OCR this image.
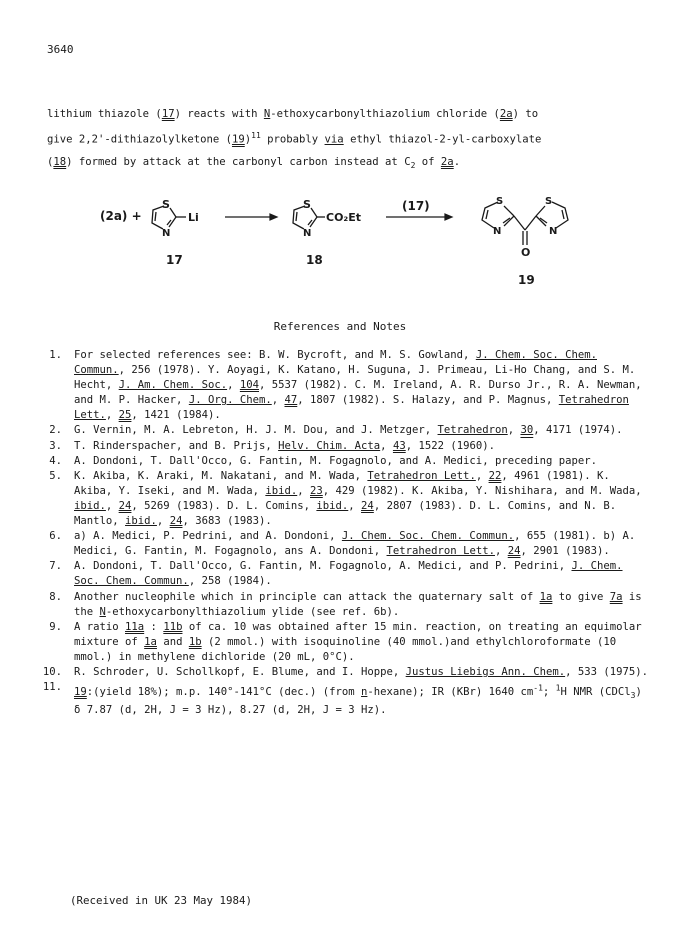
3640
lithium thiazole (17) reacts with N-ethoxycarbonylthiazolium chloride (2a) to
give 2,2'-dithiazolylketone $(19)^{11}$ probably via ethyl thiazol-2-yl-carboxylate
(18) formed by attack at the carbonyl carbon instead at $C_2$ of 2a.
(2a) +
S
N
Li
17
S
N
CO₂Et
18
(17)	S
N
S
N
O
19
References and Notes
1. For selected references see: B. W. Bycroft, and M. S. Gowland, J. Chem. Soc. Chem. Commun., 256 (1978). Y. Aoyagi, K. Katano, H. Suguna, J. Primeau, Li-Ho Chang, and S. M. Hecht, J. Am. Chem. Soc., 104, 5537 (1982). C. M. Ireland, A. R. Durso Jr., R. A. Newman, and M. P. Hacker, J. Org. Chem., 47, 1807 (1982). S. Halazy, and P. Magnus, Tetrahedron Lett., 25, 1421 (1984).
2. G. Vernin, M. A. Lebreton, H. J. M. Dou, and J. Metzger, Tetrahedron, 30, 4171 (1974).
3. T. Rinderspacher, and B. Prijs, Helv. Chim. Acta, 43, 1522 (1960).
4. A. Dondoni, T. Dall'Occo, G. Fantin, M. Fogagnolo, and A. Medici, preceding paper.
5. K. Akiba, K. Araki, M. Nakatani, and M. Wada, Tetrahedron Lett., 22, 4961 (1981). K. Akiba, Y. Iseki, and M. Wada, ibid., 23, 429 (1982). K. Akiba, Y. Nishihara, and M. Wada, ibid., 24, 5269 (1983). D. L. Comins, ibid., 24, 2807 (1983). D. L. Comins, and N. B. Mantlo, ibid., 24, 3683 (1983).
6. a) A. Medici, P. Pedrini, and A. Dondoni, J. Chem. Soc. Chem. Commun., 655 (1981). b) A. Medici, G. Fantin, M. Fogagnolo, ans A. Dondoni, Tetrahedron Lett., 24, 2901 (1983).
7. A. Dondoni, T. Dall'Occo, G. Fantin, M. Fogagnolo, A. Medici, and P. Pedrini, J. Chem. Soc. Chem. Commun., 258 (1984).
8. Another nucleophile which in principle can attack the quaternary salt of 1a to give 7a is the N-ethoxycarbonylthiazolium ylide (see ref. 6b).
9. A ratio 11a : 11b of ca. 10 was obtained after 15 min. reaction, on treating an equimolar mixture of 1a and 1b (2 mmol.) with isoquinoline (40 mmol.)and ethylchloroformate (10 mmol.) in methylene dichloride (20 mL, 0°C).
10. R. Schroder, U. Schollkopf, E. Blume, and I. Hoppe, Justus Liebigs Ann. Chem., 533 (1975).
11. 19:(yield 18%); m.p. 140°-141°C (dec.) (from n-hexane); IR (KBr) 1640 $cm^{-1}$; $^1$H NMR (CDCl$_3$) δ 7.87 (d, 2H, J = 3 Hz), 8.27 (d, 2H, J = 3 Hz).
(Received in UK 23 May 1984)
